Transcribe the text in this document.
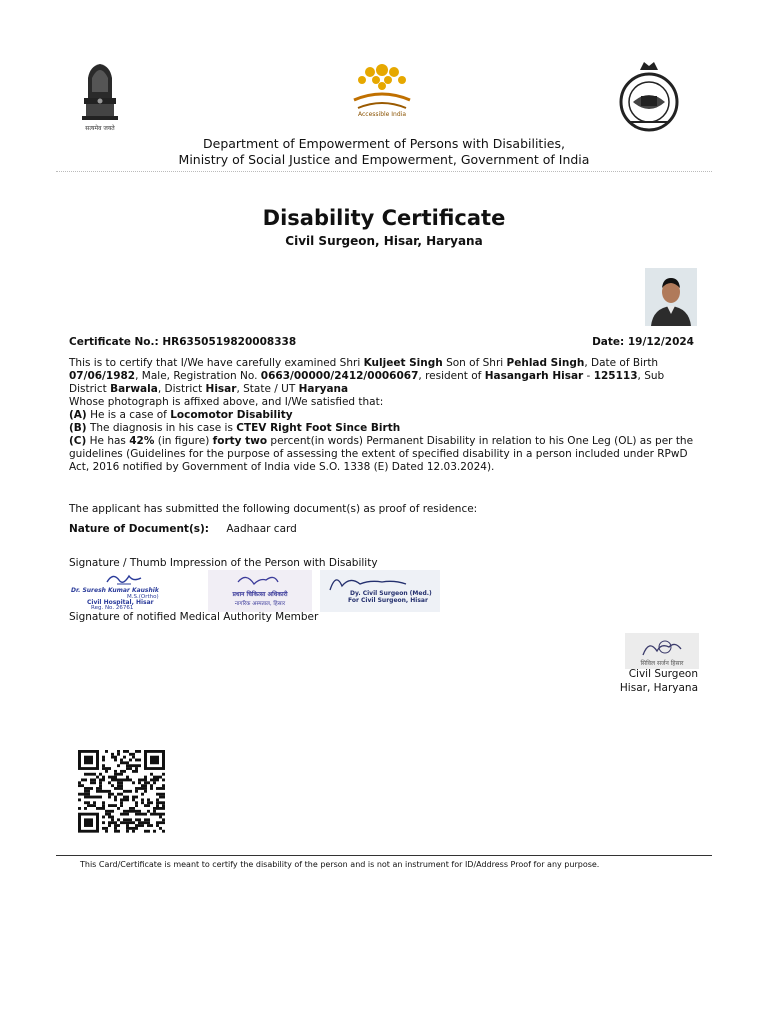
सत्यमेव जयते
Accessible India
Department of Empowerment of Persons with Disabilities,
Ministry of Social Justice and Empowerment, Government of India
Disability Certificate
Civil Surgeon, Hisar, Haryana
Certificate No.: HR6350519820008338	Date: 19/12/2024
This is to certify that I/We have carefully examined Shri Kuljeet Singh Son of Shri Pehlad Singh, Date of Birth 07/06/1982, Male, Registration No. 0663/00000/2412/0006067, resident of Hasangarh Hisar - 125113, Sub District Barwala, District Hisar, State / UT Haryana
Whose photograph is affixed above, and I/We satisfied that:
(A) He is a case of Locomotor Disability
(B) The diagnosis in his case is CTEV Right Foot Since Birth
(C) He has 42% (in figure) forty two percent(in words) Permanent Disability in relation to his One Leg (OL) as per the guidelines (Guidelines for the purpose of assessing the extent of specified disability in a person included under RPwD Act, 2016 notified by Government of India vide S.O. 1338 (E) Dated 12.03.2024).
The applicant has submitted the following document(s) as proof of residence:
Nature of Document(s): Aadhaar card
Signature / Thumb Impression of the Person with Disability
Dr. Suresh Kumar Kaushik
M.S.(Ortho)
Civil Hospital, Hisar
Reg. No. 26761
प्रधान चिकित्सा अधिकारी
नागरिक अस्पताल, हिसार
Dy. Civil Surgeon (Med.)
For Civil Surgeon, Hisar
Signature of notified Medical Authority Member
सिविल सर्जन हिसार
Civil Surgeon
Hisar, Haryana
This Card/Certificate is meant to certify the disability of the person and is not an instrument for ID/Address Proof for any purpose.
